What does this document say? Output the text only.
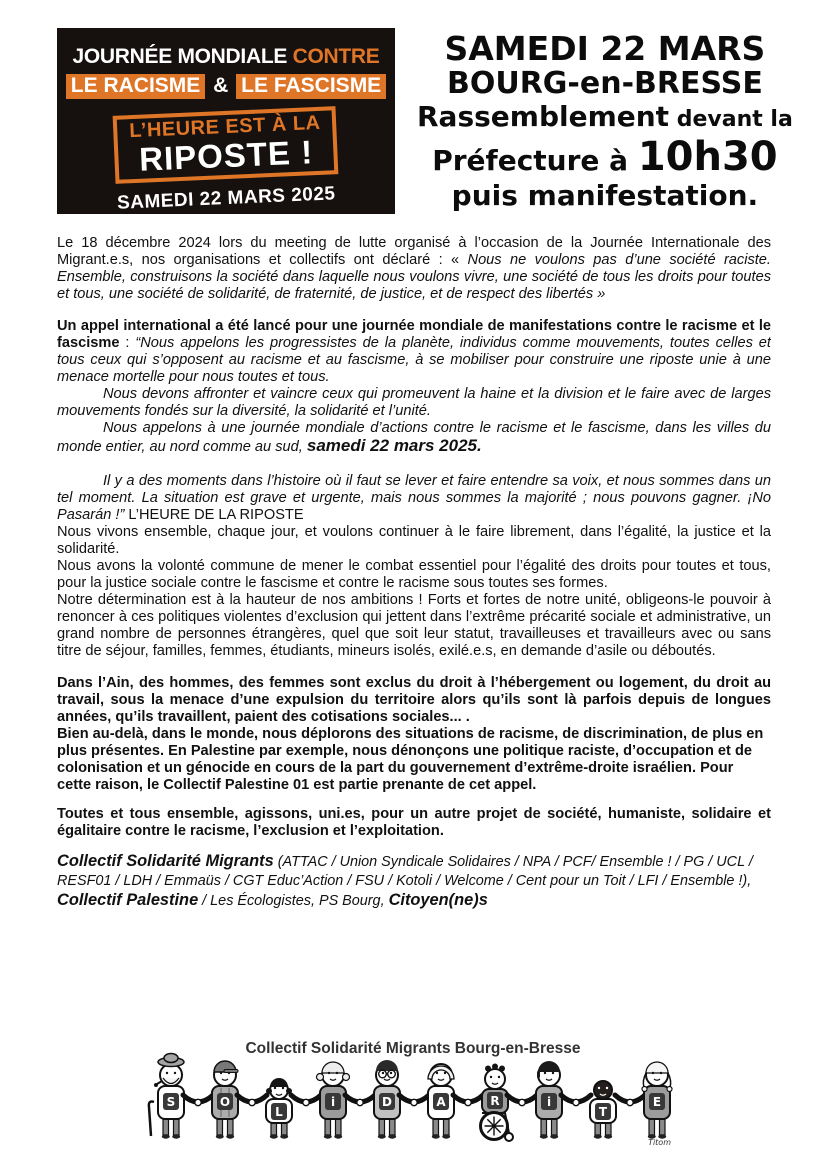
JOURNÉE MONDIALE CONTRE
LE RACISME & LE FASCISME
L’HEURE EST À LA
RIPOSTE !
SAMEDI 22 MARS 2025
SAMEDI 22 MARS
BOURG-en-BRESSE
Rassemblement devant la
Préfecture à 10h30
puis manifestation.

Le 18 décembre 2024 lors du meeting de lutte organisé à l’occasion de la Journée Internationale des Migrant.e.s, nos organisations et collectifs ont déclaré : « Nous ne voulons pas d’une société raciste. Ensemble, construisons la société dans laquelle nous voulons vivre, une société de tous les droits pour toutes et tous, une société de solidarité, de fraternité, de justice, et de respect des libertés »

Un appel international a été lancé pour une journée mondiale de manifestations contre le racisme et le fascisme : “Nous appelons les progressistes de la planète, individus comme mouvements, toutes celles et tous ceux qui s’opposent au racisme et au fascisme, à se mobiliser pour construire une riposte unie à une menace mortelle pour nous toutes et tous.

Nous devons affronter et vaincre ceux qui promeuvent la haine et la division et le faire avec de larges mouvements fondés sur la diversité, la solidarité et l’unité.

Nous appelons à une journée mondiale d’actions contre le racisme et le fascisme, dans les villes du monde entier, au nord comme au sud, samedi 22 mars 2025.

Il y a des moments dans l’histoire où il faut se lever et faire entendre sa voix, et nous sommes dans un tel moment. La situation est grave et urgente, mais nous sommes la majorité ; nous pouvons gagner. ¡No Pasarán !” L’HEURE DE LA RIPOSTE

Nous vivons ensemble, chaque jour, et voulons continuer à le faire librement, dans l’égalité, la justice et la solidarité.

Nous avons la volonté commune de mener le combat essentiel pour l’égalité des droits pour toutes et tous, pour la justice sociale contre le fascisme et contre le racisme sous toutes ses formes.

Notre détermination est à la hauteur de nos ambitions ! Forts et fortes de notre unité, obligeons-le pouvoir à renoncer à ces politiques violentes d’exclusion qui jettent dans l’extrême précarité sociale et administrative, un grand nombre de personnes étrangères, quel que soit leur statut, travailleuses et travailleurs avec ou sans titre de séjour, familles, femmes, étudiants, mineurs isolés, exilé.e.s, en demande d’asile ou déboutés.

Dans l’Ain, des hommes, des femmes sont exclus du droit à l’hébergement ou logement, du droit au travail, sous la menace d’une expulsion du territoire alors qu’ils sont là parfois depuis de longues années, qu’ils travaillent, paient des cotisations sociales... .

Bien au-delà, dans le monde, nous déplorons des situations de racisme, de discrimination, de plus en plus présentes. En Palestine par exemple, nous dénonçons une politique raciste, d’occupation et de colonisation et un génocide en cours de la part du gouvernement d’extrême-droite israélien. Pour cette raison, le Collectif Palestine 01 est partie prenante de cet appel.

Toutes et tous ensemble, agissons, uni.es, pour un autre projet de société, humaniste, solidaire et égalitaire contre le racisme, l’exclusion et l’exploitation.

Collectif Solidarité Migrants (ATTAC / Union Syndicale Solidaires / NPA / PCF/ Ensemble ! / PG / UCL / RESF01 / LDH / Emmaüs / CGT Educ’Action / FSU / Kotoli / Welcome / Cent pour un Toit / LFI / Ensemble !), Collectif Palestine / Les Écologistes, PS Bourg, Citoyen(ne)s

Collectif Solidarité Migrants Bourg-en-Bresse
S	O
L
i	D	A	R	i
T
E
Titom
